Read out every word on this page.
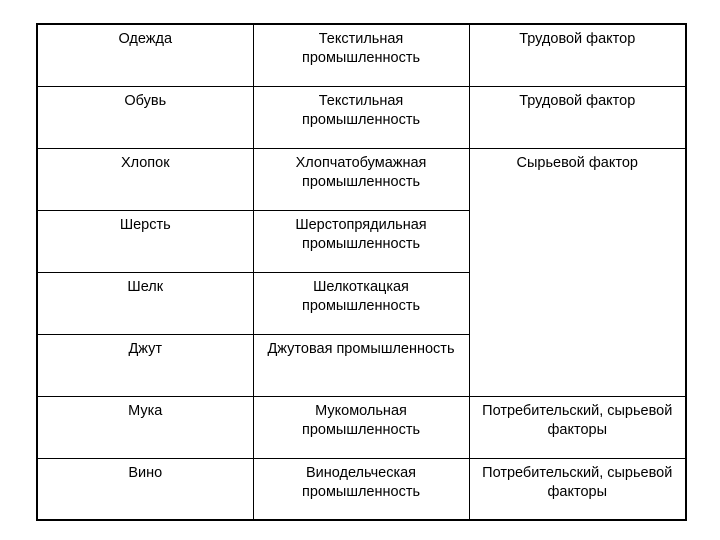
Одежда	Текстильная промышленность	Трудовой фактор

Обувь	Текстильная промышленность	Трудовой фактор

Хлопок	Хлопчатобумажная промышленность	Сырьевой фактор

Шерсть	Шерстопрядильная промышленность	

Шелк	Шелкоткацкая промышленность	

Джут	Джутовая промышленность	

Мука	Мукомольная промышленность	Потребительский, сырьевой факторы

Вино	Винодельческая промышленность	Потребительский, сырьевой факторы
